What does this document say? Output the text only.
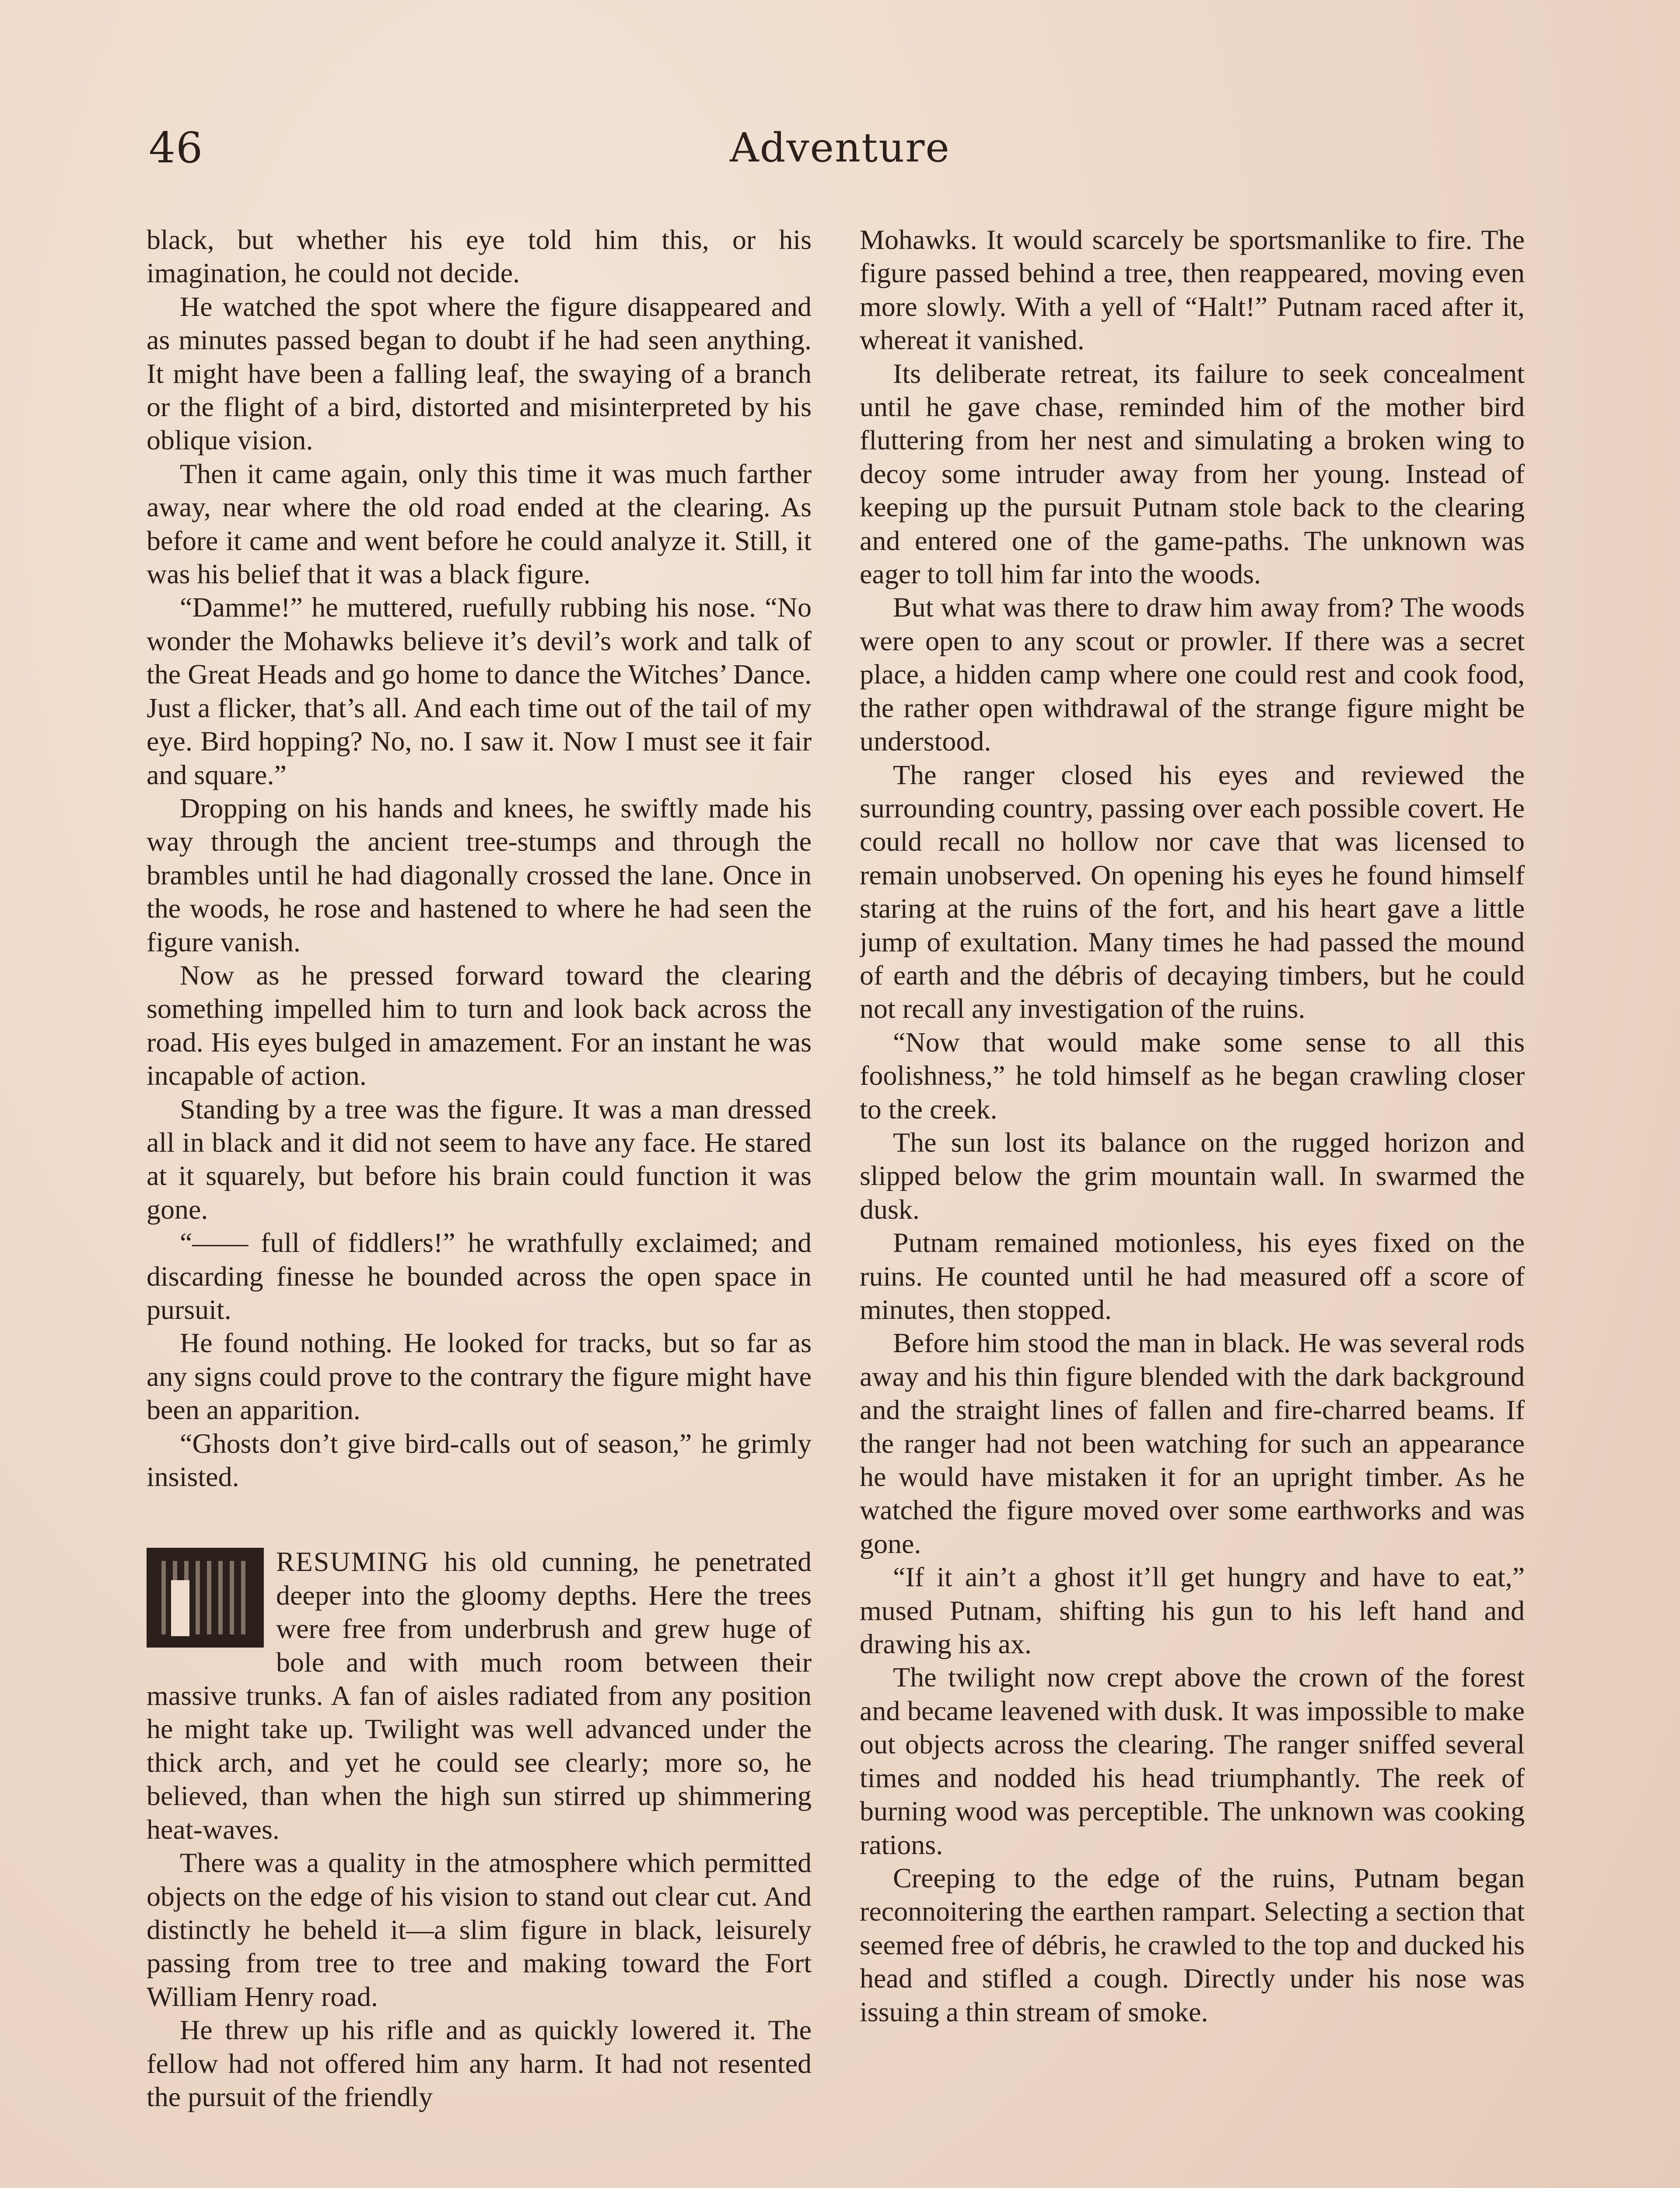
46	Adventure

black, but whether his eye told him this, or his imagination, he could not decide.

He watched the spot where the figure disappeared and as minutes passed began to doubt if he had seen anything. It might have been a falling leaf, the swaying of a branch or the flight of a bird, distorted and misinterpreted by his oblique vision.

Then it came again, only this time it was much farther away, near where the old road ended at the clearing. As before it came and went before he could analyze it. Still, it was his belief that it was a black figure.

“Damme!” he muttered, ruefully rubbing his nose. “No wonder the Mohawks believe it’s devil’s work and talk of the Great Heads and go home to dance the Witches’ Dance. Just a flicker, that’s all. And each time out of the tail of my eye. Bird hopping? No, no. I saw it. Now I must see it fair and square.”

Dropping on his hands and knees, he swiftly made his way through the ancient tree-stumps and through the brambles until he had diagonally crossed the lane. Once in the woods, he rose and hastened to where he had seen the figure vanish.

Now as he pressed forward toward the clearing something impelled him to turn and look back across the road. His eyes bulged in amazement. For an instant he was incapable of action.

Standing by a tree was the figure. It was a man dressed all in black and it did not seem to have any face. He stared at it squarely, but before his brain could function it was gone.

“—— full of fiddlers!” he wrathfully exclaimed; and discarding finesse he bounded across the open space in pursuit.

He found nothing. He looked for tracks, but so far as any signs could prove to the contrary the figure might have been an apparition.

“Ghosts don’t give bird-calls out of season,” he grimly insisted.

RESUMING his old cunning, he penetrated deeper into the gloomy depths. Here the trees were free from underbrush and grew huge of bole and with much room between their massive trunks. A fan of aisles radiated from any position he might take up. Twilight was well advanced under the thick arch, and yet he could see clearly; more so, he believed, than when the high sun stirred up shimmering heat-waves.

There was a quality in the atmosphere which permitted objects on the edge of his vision to stand out clear cut. And distinctly he beheld it—a slim figure in black, leisurely passing from tree to tree and making toward the Fort William Henry road.

He threw up his rifle and as quickly lowered it. The fellow had not offered him any harm. It had not resented the pursuit of the friendly

Mohawks. It would scarcely be sportsmanlike to fire. The figure passed behind a tree, then reappeared, moving even more slowly. With a yell of “Halt!” Putnam raced after it, whereat it vanished.

Its deliberate retreat, its failure to seek concealment until he gave chase, reminded him of the mother bird fluttering from her nest and simulating a broken wing to decoy some intruder away from her young. Instead of keeping up the pursuit Putnam stole back to the clearing and entered one of the game-paths. The unknown was eager to toll him far into the woods.

But what was there to draw him away from? The woods were open to any scout or prowler. If there was a secret place, a hidden camp where one could rest and cook food, the rather open withdrawal of the strange figure might be understood.

The ranger closed his eyes and reviewed the surrounding country, passing over each possible covert. He could recall no hollow nor cave that was licensed to remain unobserved. On opening his eyes he found himself staring at the ruins of the fort, and his heart gave a little jump of exultation. Many times he had passed the mound of earth and the débris of decaying timbers, but he could not recall any investigation of the ruins.

“Now that would make some sense to all this foolishness,” he told himself as he began crawling closer to the creek.

The sun lost its balance on the rugged horizon and slipped below the grim mountain wall. In swarmed the dusk.

Putnam remained motionless, his eyes fixed on the ruins. He counted until he had measured off a score of minutes, then stopped.

Before him stood the man in black. He was several rods away and his thin figure blended with the dark background and the straight lines of fallen and fire-charred beams. If the ranger had not been watching for such an appearance he would have mistaken it for an upright timber. As he watched the figure moved over some earthworks and was gone.

“If it ain’t a ghost it’ll get hungry and have to eat,” mused Putnam, shifting his gun to his left hand and drawing his ax.

The twilight now crept above the crown of the forest and became leavened with dusk. It was impossible to make out objects across the clearing. The ranger sniffed several times and nodded his head triumphantly. The reek of burning wood was perceptible. The unknown was cooking rations.

Creeping to the edge of the ruins, Putnam began reconnoitering the earthen rampart. Selecting a section that seemed free of débris, he crawled to the top and ducked his head and stifled a cough. Directly under his nose was issuing a thin stream of smoke.
